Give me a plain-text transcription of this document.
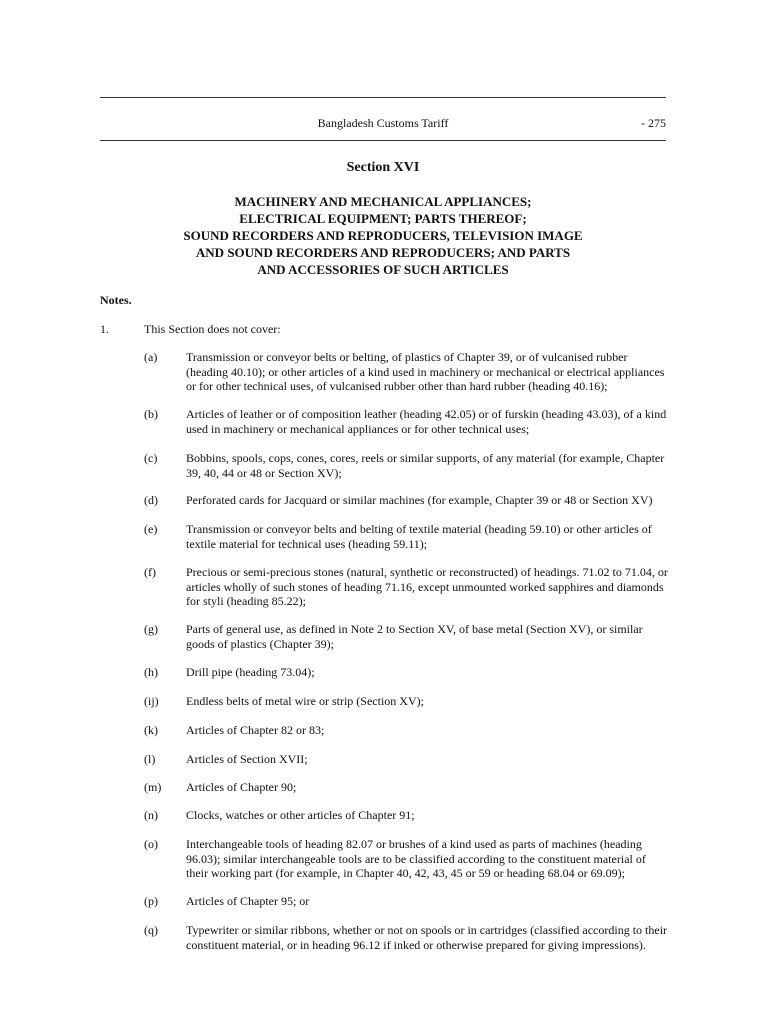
Bangladesh Customs Tariff	- 275
Section XVI
MACHINERY AND MECHANICAL APPLIANCES;
ELECTRICAL EQUIPMENT; PARTS THEREOF;
SOUND RECORDERS AND REPRODUCERS, TELEVISION IMAGE
AND SOUND RECORDERS AND REPRODUCERS; AND PARTS
AND ACCESSORIES OF SUCH ARTICLES
Notes.
1.	This Section does not cover:
(a) Transmission or conveyor belts or belting, of plastics of Chapter 39, or of vulcanised rubber (heading 40.10); or other articles of a kind used in machinery or mechanical or electrical appliances or for other technical uses, of vulcanised rubber other than hard rubber (heading 40.16);
(b) Articles of leather or of composition leather (heading 42.05) or of furskin (heading 43.03), of a kind used in machinery or mechanical appliances or for other technical uses;
(c) Bobbins, spools, cops, cones, cores, reels or similar supports, of any material (for example, Chapter 39, 40, 44 or 48 or Section XV);
(d) Perforated cards for Jacquard or similar machines (for example, Chapter 39 or 48 or Section XV)
(e) Transmission or conveyor belts and belting of textile material (heading 59.10) or other articles of textile material for technical uses (heading 59.11);
(f)	Precious or semi-precious stones (natural, synthetic or reconstructed) of headings. 71.02 to 71.04, or articles wholly of such stones of heading 71.16, except unmounted worked sapphires and diamonds for styli (heading 85.22);
(g) Parts of general use, as defined in Note 2 to Section XV, of base metal (Section XV), or similar goods of plastics (Chapter 39);
(h) Drill pipe (heading 73.04);
(ij) Endless belts of metal wire or strip (Section XV);
(k) Articles of Chapter 82 or 83;
(l)	Articles of Section XVII;
(m) Articles of Chapter 90;
(n) Clocks, watches or other articles of Chapter 91;
(o) Interchangeable tools of heading 82.07 or brushes of a kind used as parts of machines (heading 96.03); similar interchangeable tools are to be classified according to the constituent material of their working part (for example, in Chapter 40, 42, 43, 45 or 59 or heading 68.04 or 69.09);
(p) Articles of Chapter 95; or
(q) Typewriter or similar ribbons, whether or not on spools or in cartridges (classified according to their constituent material, or in heading 96.12 if inked or otherwise prepared for giving impressions).
